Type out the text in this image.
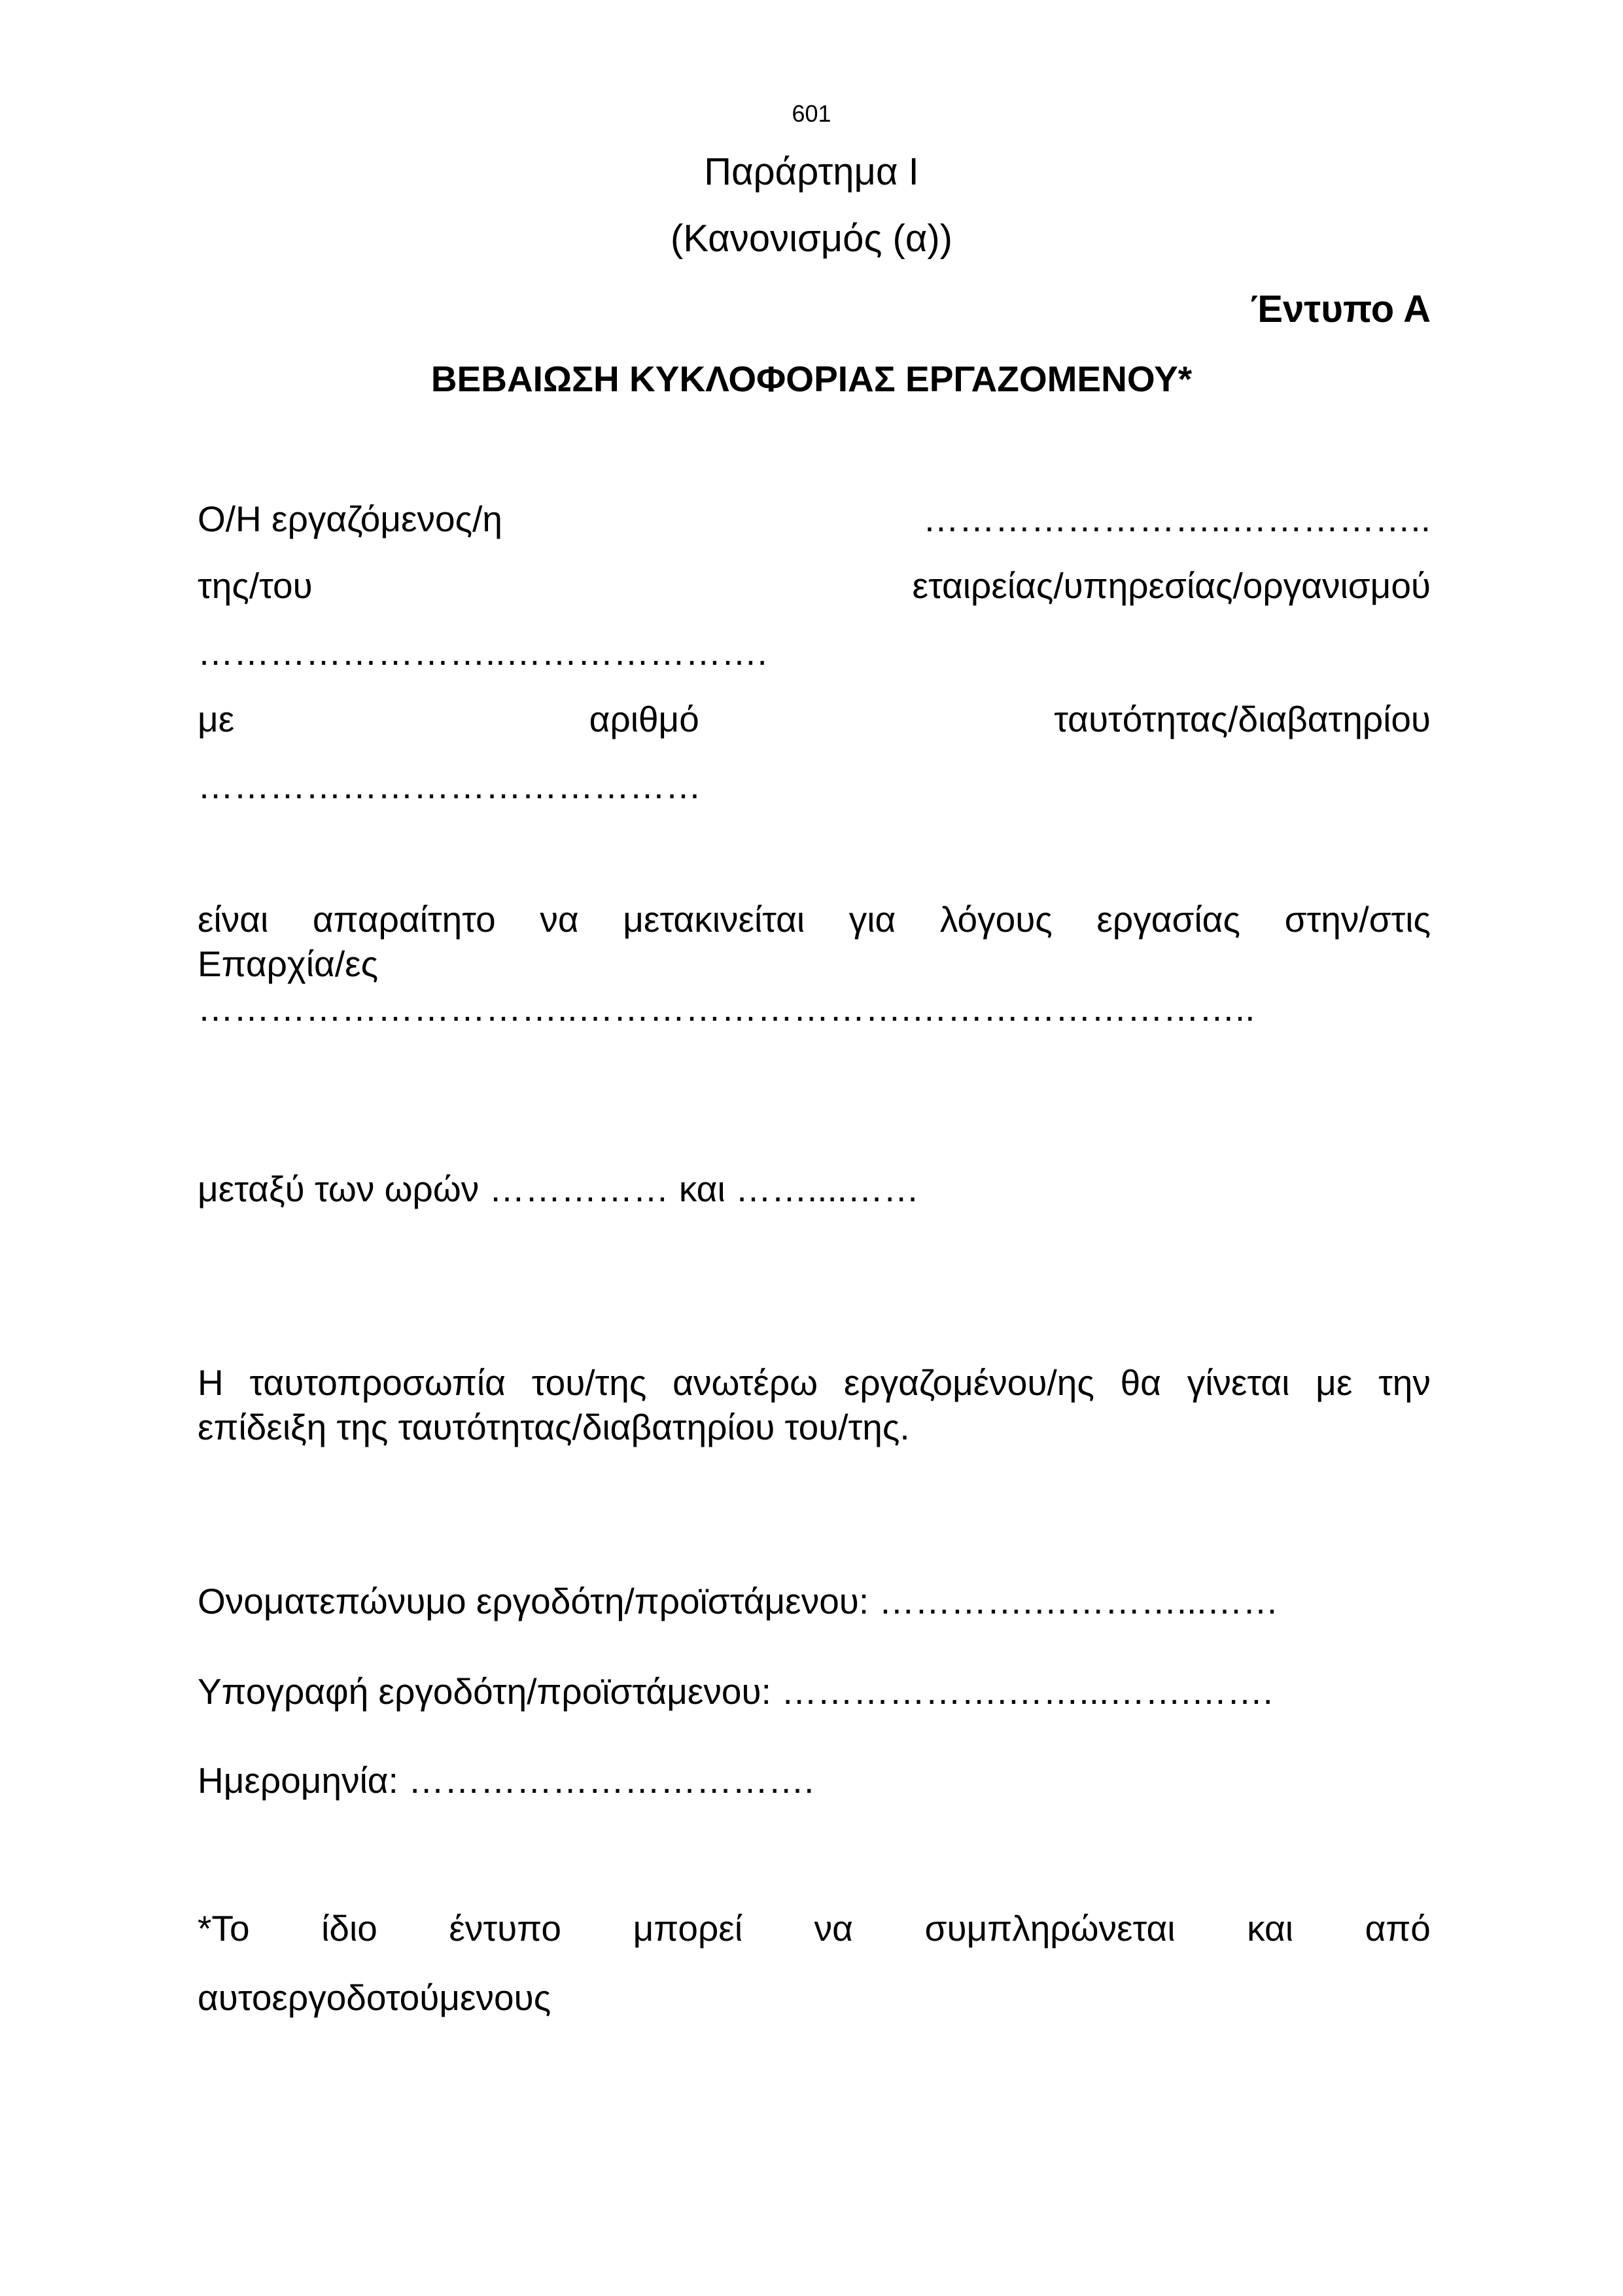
601
Παράρτημα Ι
(Κανονισμός (α))
Έντυπο Α
ΒΕΒΑΙΩΣΗ ΚΥΚΛΟΦΟΡΙΑΣ ΕΡΓΑΖΟΜΕΝΟΥ*
Ο/Η εργαζόμενος/η	……………………..……………..
της/του	εταιρείας/υπηρεσίας/οργανισμού
……………………..………………….
με	αριθμό	ταυτότητας/διαβατηρίου
……………………………………
είναι απαραίτητο να μετακινείται για λόγους εργασίας στην/στις
Επαρχία/ες
…………………………..……………………….………………………..
μεταξύ των ωρών …………… και ……....……
Η ταυτοπροσωπία του/της ανωτέρω εργαζομένου/ης θα γίνεται με την
επίδειξη της ταυτότητας/διαβατηρίου του/της.
Ονοματεπώνυμο εργοδότη/προϊστάμενου: ………….…………...……
Υπογραφή εργοδότη/προϊστάμενου: ……………….……...…….…….
Ημερομηνία: …………………………….
*Το ίδιο έντυπο μπορεί να συμπληρώνεται και από
αυτοεργοδοτούμενους
